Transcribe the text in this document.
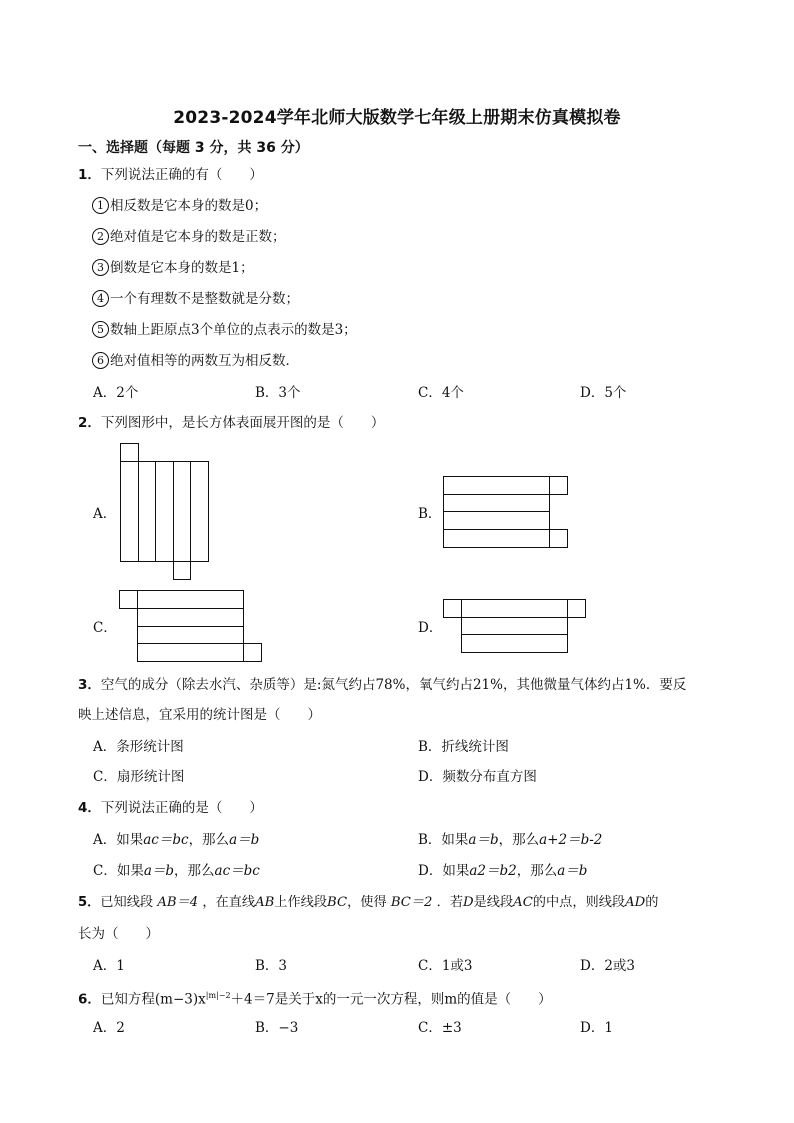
2023-2024学年北师大版数学七年级上册期末仿真模拟卷
一、选择题（每题 3 分，共 36 分）
1．下列说法正确的有（　　）
1 相反数是它本身的数是0；
2 绝对值是它本身的数是正数；
3 倒数是它本身的数是1；
4 一个有理数不是整数就是分数；
5 数轴上距原点3个单位的点表示的数是3；
6 绝对值相等的两数互为相反数．
A．2个	B．3个	C．4个	D．5个
2．下列图形中，是长方体表面展开图的是（　　）
A．	B．
C．	D．
3．空气的成分（除去水汽、杂质等）是:氮气约占78%，氧气约占21%，其他微量气体约占1%．要反
映上述信息，宜采用的统计图是（　　）
A．条形统计图	B．折线统计图
C．扇形统计图	D．频数分布直方图
4．下列说法正确的是（　　）
A．如果ac＝bc，那么a＝b	B．如果a＝b，那么a+2＝b-2
C．如果a＝b，那么ac＝bc	D．如果a2＝b2，那么a＝b
5．已知线段 AB＝4 ，在直线AB上作线段BC，使得 BC＝2 ．若D是线段AC的中点，则线段AD的
长为（　　）
A．1	B．3	C．1或3	D．2或3
6．已知方程$(m-3)x^{|m|-2}+4=7$是关于x的一元一次方程，则m的值是（　　）
A．2	B．−3	C．±3	D．1
